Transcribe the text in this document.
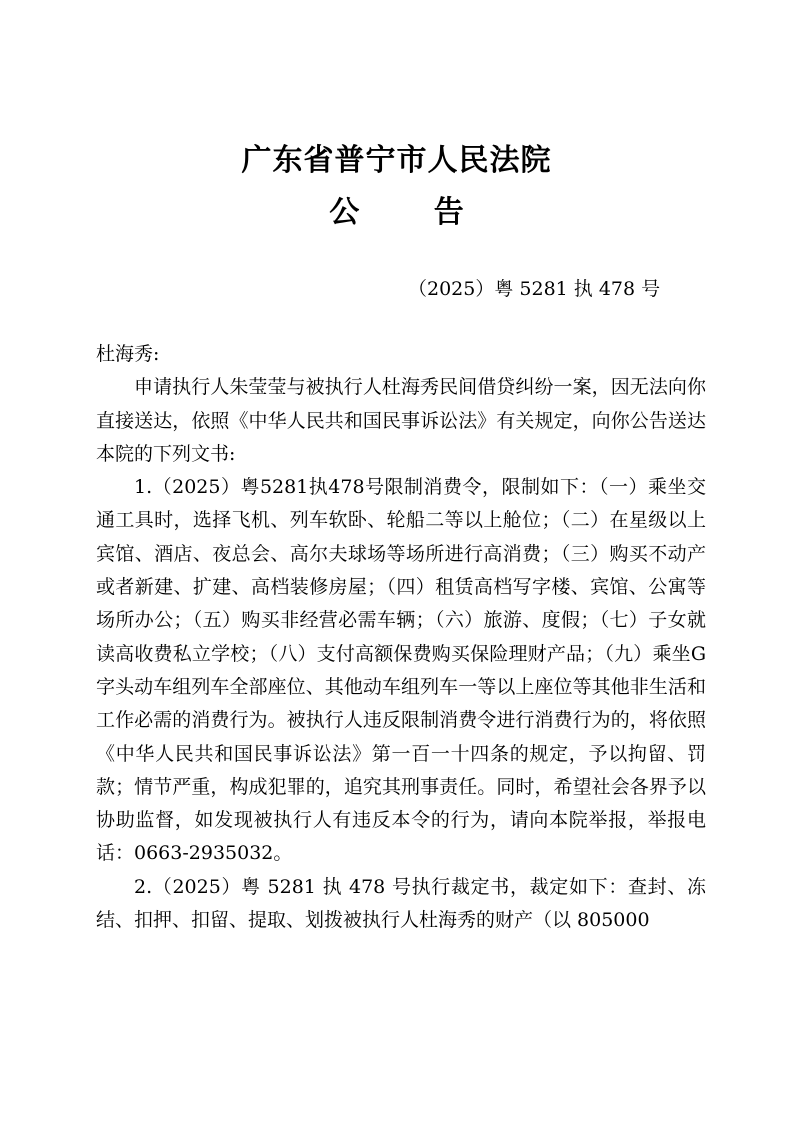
广东省普宁市人民法院
公 告
（2025）粤 5281 执 478 号

杜海秀:

申请执行人朱莹莹与被执行人杜海秀民间借贷纠纷一案，因无法向你直接送达，依照《中华人民共和国民事诉讼法》有关规定，向你公告送达本院的下列文书:

1.（2025）粤5281执478号限制消费令，限制如下：（一）乘坐交通工具时，选择飞机、列车软卧、轮船二等以上舱位；（二）在星级以上宾馆、酒店、夜总会、高尔夫球场等场所进行高消费；（三）购买不动产或者新建、扩建、高档装修房屋；（四）租赁高档写字楼、宾馆、公寓等场所办公；（五）购买非经营必需车辆；（六）旅游、度假；（七）子女就读高收费私立学校；（八）支付高额保费购买保险理财产品；（九）乘坐G字头动车组列车全部座位、其他动车组列车一等以上座位等其他非生活和工作必需的消费行为。被执行人违反限制消费令进行消费行为的，将依照《中华人民共和国民事诉讼法》第一百一十四条的规定，予以拘留、罚款；情节严重，构成犯罪的，追究其刑事责任。同时，希望社会各界予以协助监督，如发现被执行人有违反本令的行为，请向本院举报，举报电话：0663-2935032。

2.（2025）粤 5281 执 478 号执行裁定书，裁定如下：查封、冻结、扣押、扣留、提取、划拨被执行人杜海秀的财产（以 805000
